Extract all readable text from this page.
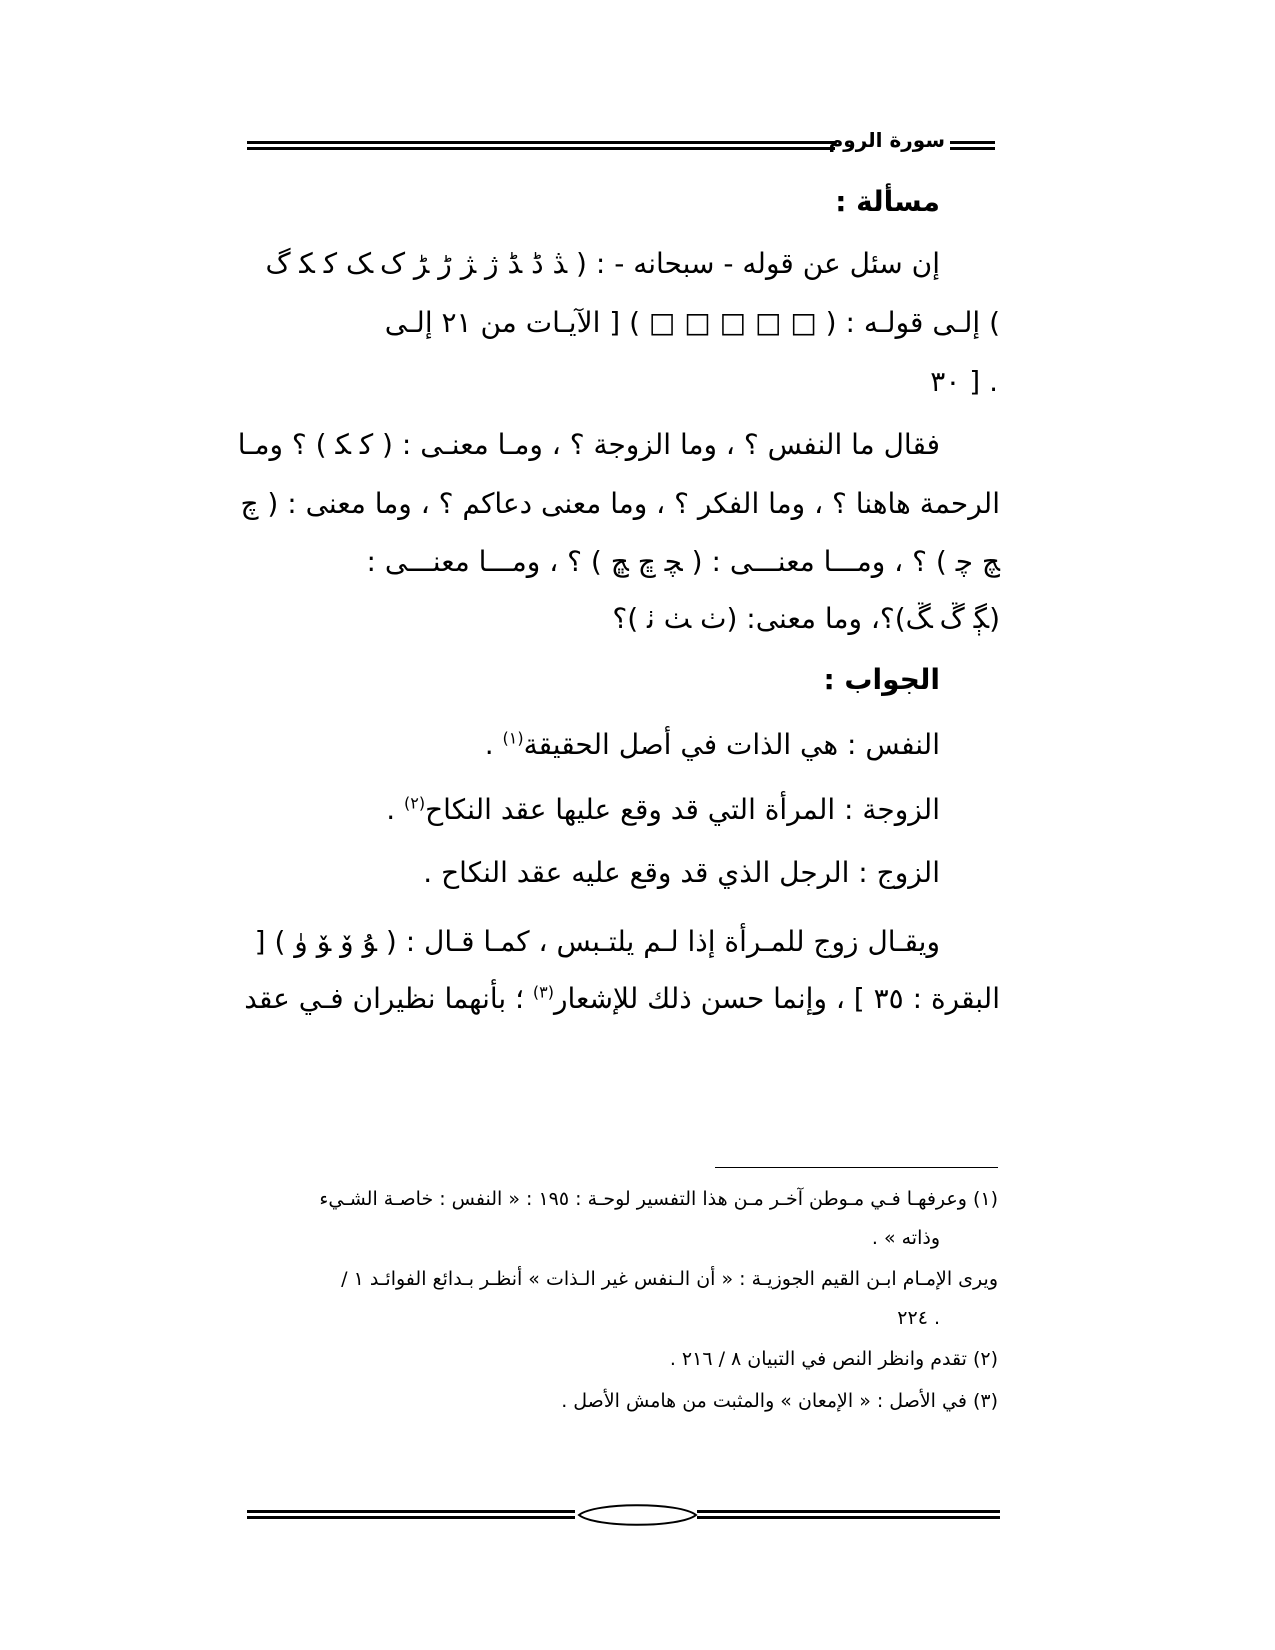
سورة الروم
مسألة :
إن سئل عن قوله - سبحانه - : ( ﮇ ﮈ ﮉ ﮊ ﮋ ﮌ ﮍ ﮎ ﮏ ﮐ ﮑ ﮒ
) إلـى قولـه : ( □ □ □ □ □ ) [ الآيـات من ٢١ إلـى
. [ ٣٠
فقال ما النفس ؟ ، وما الزوجة ؟ ، ومـا معنـى : ( ﮐ ﮑ ) ؟ ومـا
الرحمة هاهنا ؟ ، وما الفكر ؟ ، وما معنى دعاكم ؟ ، وما معنى : ( ﭺ
ﭻ ﭼ ) ؟ ، ومـــا معنـــى : ( ﭽ ﭾ ﭿ ) ؟ ، ومـــا معنـــى :
(ﮙ ﮚ ﮛ)؟، وما معنى: (ﭞ ﭟ ﭠ )؟
الجواب :
النفس : هي الذات في أصل الحقيقة$^{(١)}$ .
الزوجة : المرأة التي قد وقع عليها عقد النكاح$^{(٢)}$ .
الزوج : الرجل الذي قد وقع عليه عقد النكاح .
ويقـال زوج للمـرأة إذا لـم يلتـبس ، كمـا قـال : ( ﯘ ﯙ ﯚ ﯛ ) [
البقرة : ٣٥ ] ، وإنما حسن ذلك للإشعار$^{(٣)}$ ؛ بأنهما نظيران فـي عقد
(١) وعرفهـا فـي مـوطن آخـر مـن هذا التفسير لوحـة : ١٩٥ : « النفس : خاصـة الشـيء
وذاته » .
ويرى الإمـام ابـن القيم الجوزيـة : « أن الـنفس غير الـذات » أنظـر بـدائع الفوائـد ١ /
. ٢٢٤
(٢) تقدم وانظر النص في التبيان ٨ / ٢١٦ .
(٣) في الأصل : « الإمعان » والمثبت من هامش الأصل .
